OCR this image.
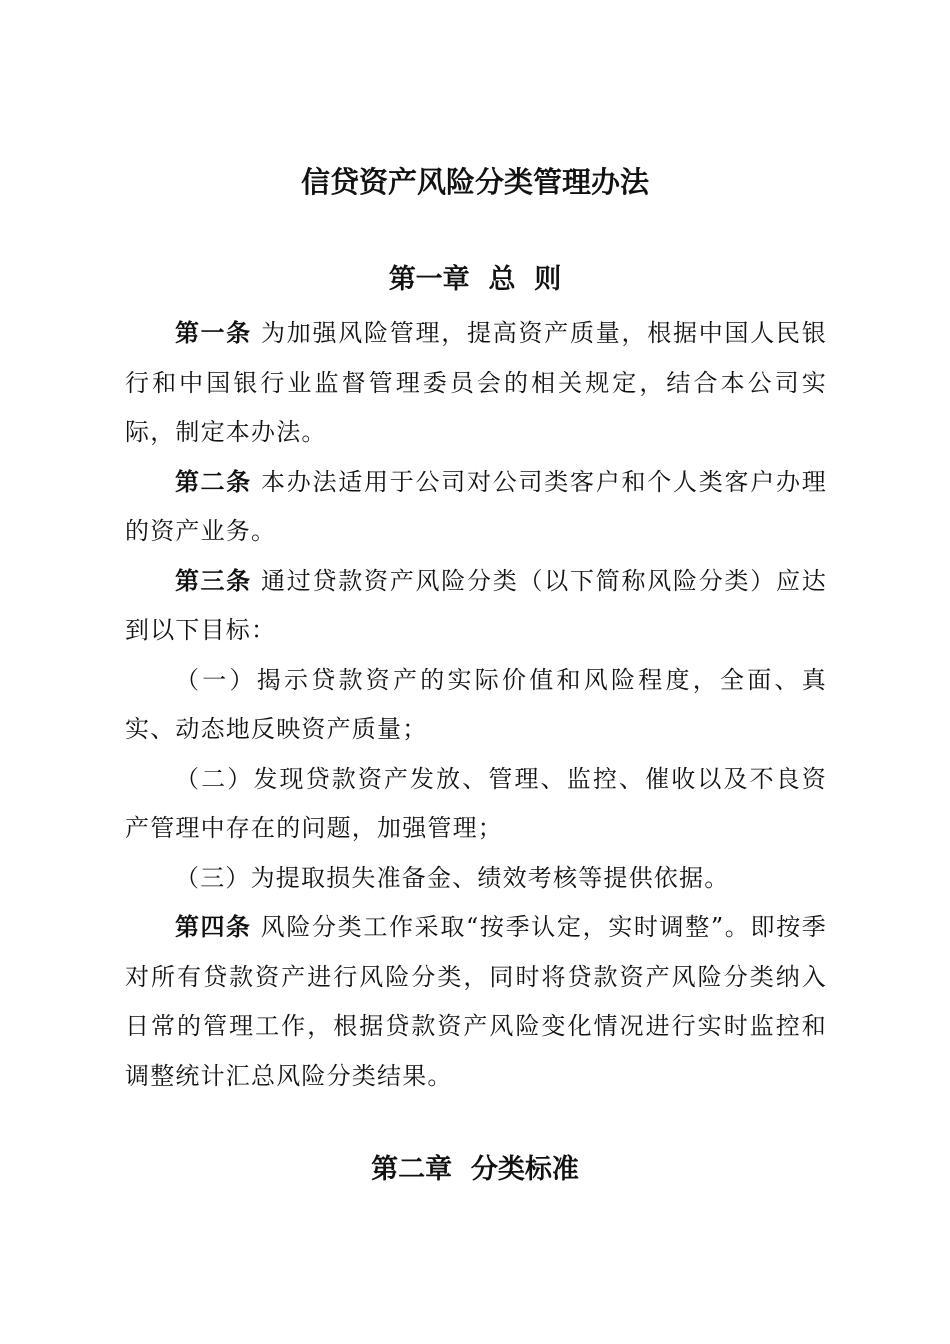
信贷资产风险分类管理办法
第一章  总  则

第一条 为加强风险管理，提高资产质量，根据中国人民银行和中国银行业监督管理委员会的相关规定，结合本公司实际，制定本办法。

第二条 本办法适用于公司对公司类客户和个人类客户办理的资产业务。

第三条 通过贷款资产风险分类（以下简称风险分类）应达到以下目标：

（一）揭示贷款资产的实际价值和风险程度，全面、真实、动态地反映资产质量；

（二）发现贷款资产发放、管理、监控、催收以及不良资产管理中存在的问题，加强管理；

（三）为提取损失准备金、绩效考核等提供依据。

第四条 风险分类工作采取“按季认定，实时调整”。即按季对所有贷款资产进行风险分类，同时将贷款资产风险分类纳入日常的管理工作，根据贷款资产风险变化情况进行实时监控和调整统计汇总风险分类结果。

第二章  分类标准
